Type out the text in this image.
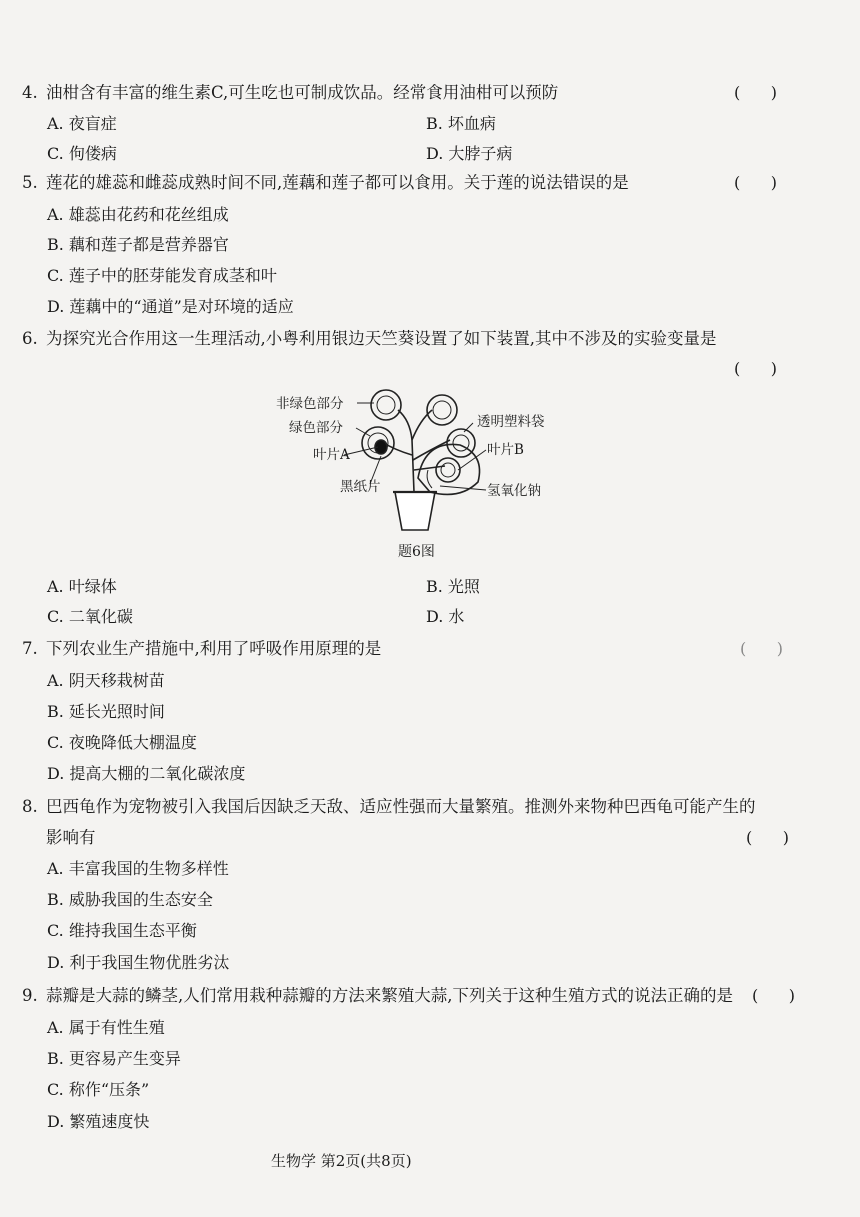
4. 油柑含有丰富的维生素C,可生吃也可制成饮品。经常食用油柑可以预防	(      )
A. 夜盲症	B. 坏血病
C. 佝偻病	D. 大脖子病
5. 莲花的雄蕊和雌蕊成熟时间不同,莲藕和莲子都可以食用。关于莲的说法错误的是	(      )
A. 雄蕊由花药和花丝组成
B. 藕和莲子都是营养器官
C. 莲子中的胚芽能发育成茎和叶
D. 莲藕中的“通道”是对环境的适应
6. 为探究光合作用这一生理活动,小粤利用银边天竺葵设置了如下装置,其中不涉及的实验变量是
(      )
非绿色部分
绿色部分
叶片A
黑纸片
透明塑料袋
叶片B
氢氧化钠
题6图
A. 叶绿体	B. 光照
C. 二氧化碳	D. 水
7. 下列农业生产措施中,利用了呼吸作用原理的是	(      )
A. 阴天移栽树苗
B. 延长光照时间
C. 夜晚降低大棚温度
D. 提高大棚的二氧化碳浓度
8. 巴西龟作为宠物被引入我国后因缺乏天敌、适应性强而大量繁殖。推测外来物种巴西龟可能产生的
影响有	(      )
A. 丰富我国的生物多样性
B. 威胁我国的生态安全
C. 维持我国生态平衡
D. 利于我国生物优胜劣汰
9. 蒜瓣是大蒜的鳞茎,人们常用栽种蒜瓣的方法来繁殖大蒜,下列关于这种生殖方式的说法正确的是 (      )
A. 属于有性生殖
B. 更容易产生变异
C. 称作“压条”
D. 繁殖速度快
生物学 第2页(共8页)
